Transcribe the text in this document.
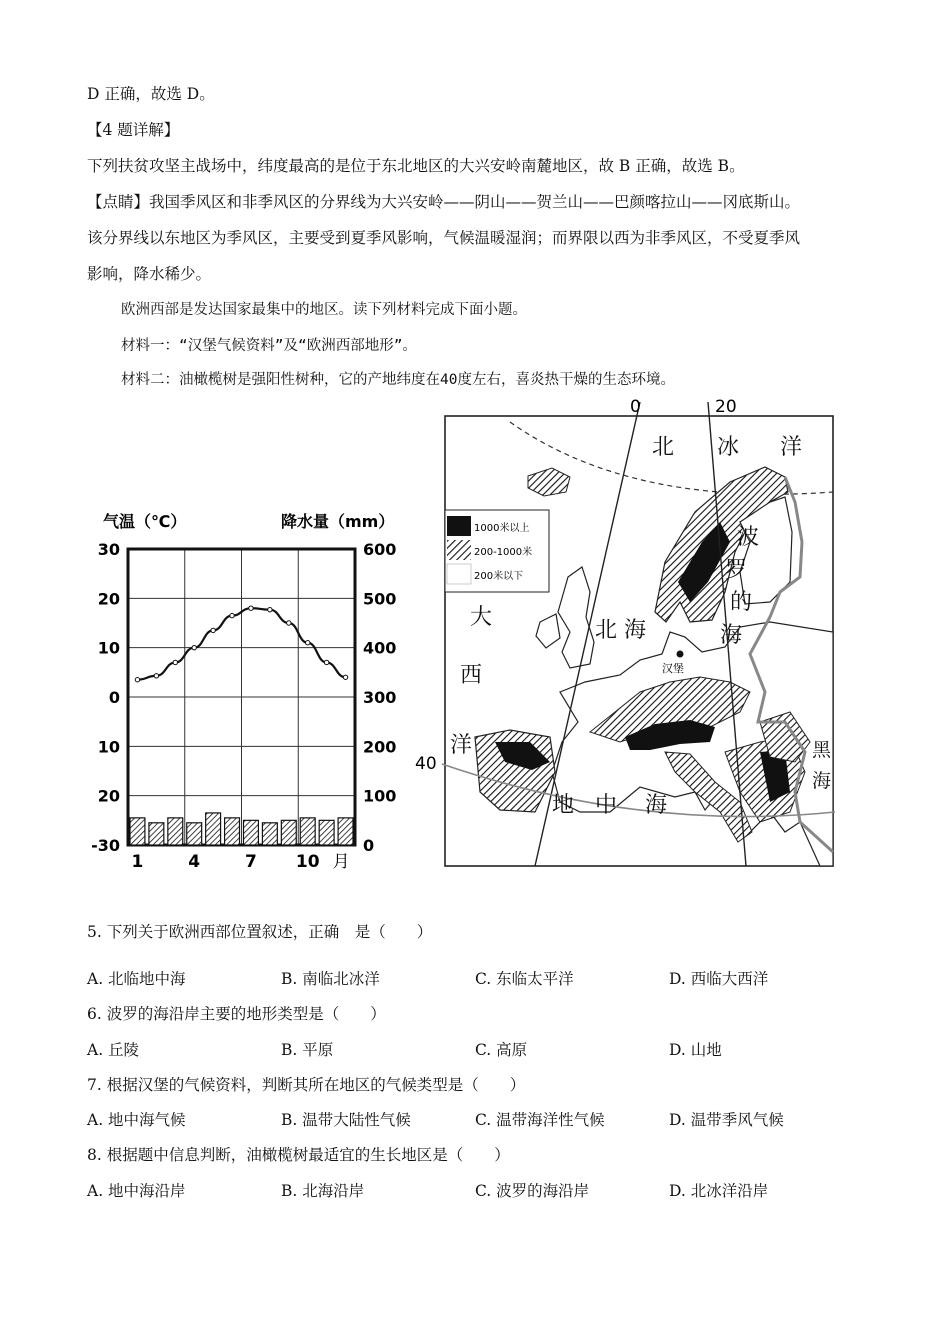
D 正确，故选 D。
【4 题详解】
下列扶贫攻坚主战场中，纬度最高的是位于东北地区的大兴安岭南麓地区，故 B 正确，故选 B。
【点睛】我国季风区和非季风区的分界线为大兴安岭——阴山——贺兰山——巴颜喀拉山——冈底斯山。
该分界线以东地区为季风区，主要受到夏季风影响，气候温暖湿润；而界限以西为非季风区，不受夏季风
影响，降水稀少。
欧洲西部是发达国家最集中的地区。读下列材料完成下面小题。
材料一：“汉堡气候资料”及“欧洲西部地形”。
材料二：油橄榄树是强阳性树种，它的产地纬度在40度左右，喜炎热干燥的生态环境。
气温（℃）	降水量（mm）
30
20
10
0
10
20
-30
600
500
400
300
200
100
0
1	4	7 10 月
0	20
40
1000米以上
200-1000米
200米以下
北 冰 洋
波
罗
的
海
北 海
大
西
洋
地 中 海
黑
海
汉堡
5. 下列关于欧洲西部位置叙述，正确　是（　　）
A. 北临地中海	B. 南临北冰洋	C. 东临太平洋	D. 西临大西洋
6. 波罗的海沿岸主要的地形类型是（　　）
A. 丘陵	B. 平原	C. 高原	D. 山地
7. 根据汉堡的气候资料，判断其所在地区的气候类型是（　　）
A. 地中海气候	B. 温带大陆性气候	C. 温带海洋性气候	D. 温带季风气候
8. 根据题中信息判断，油橄榄树最适宜的生长地区是（　　）
A. 地中海沿岸	B. 北海沿岸	C. 波罗的海沿岸	D. 北冰洋沿岸
